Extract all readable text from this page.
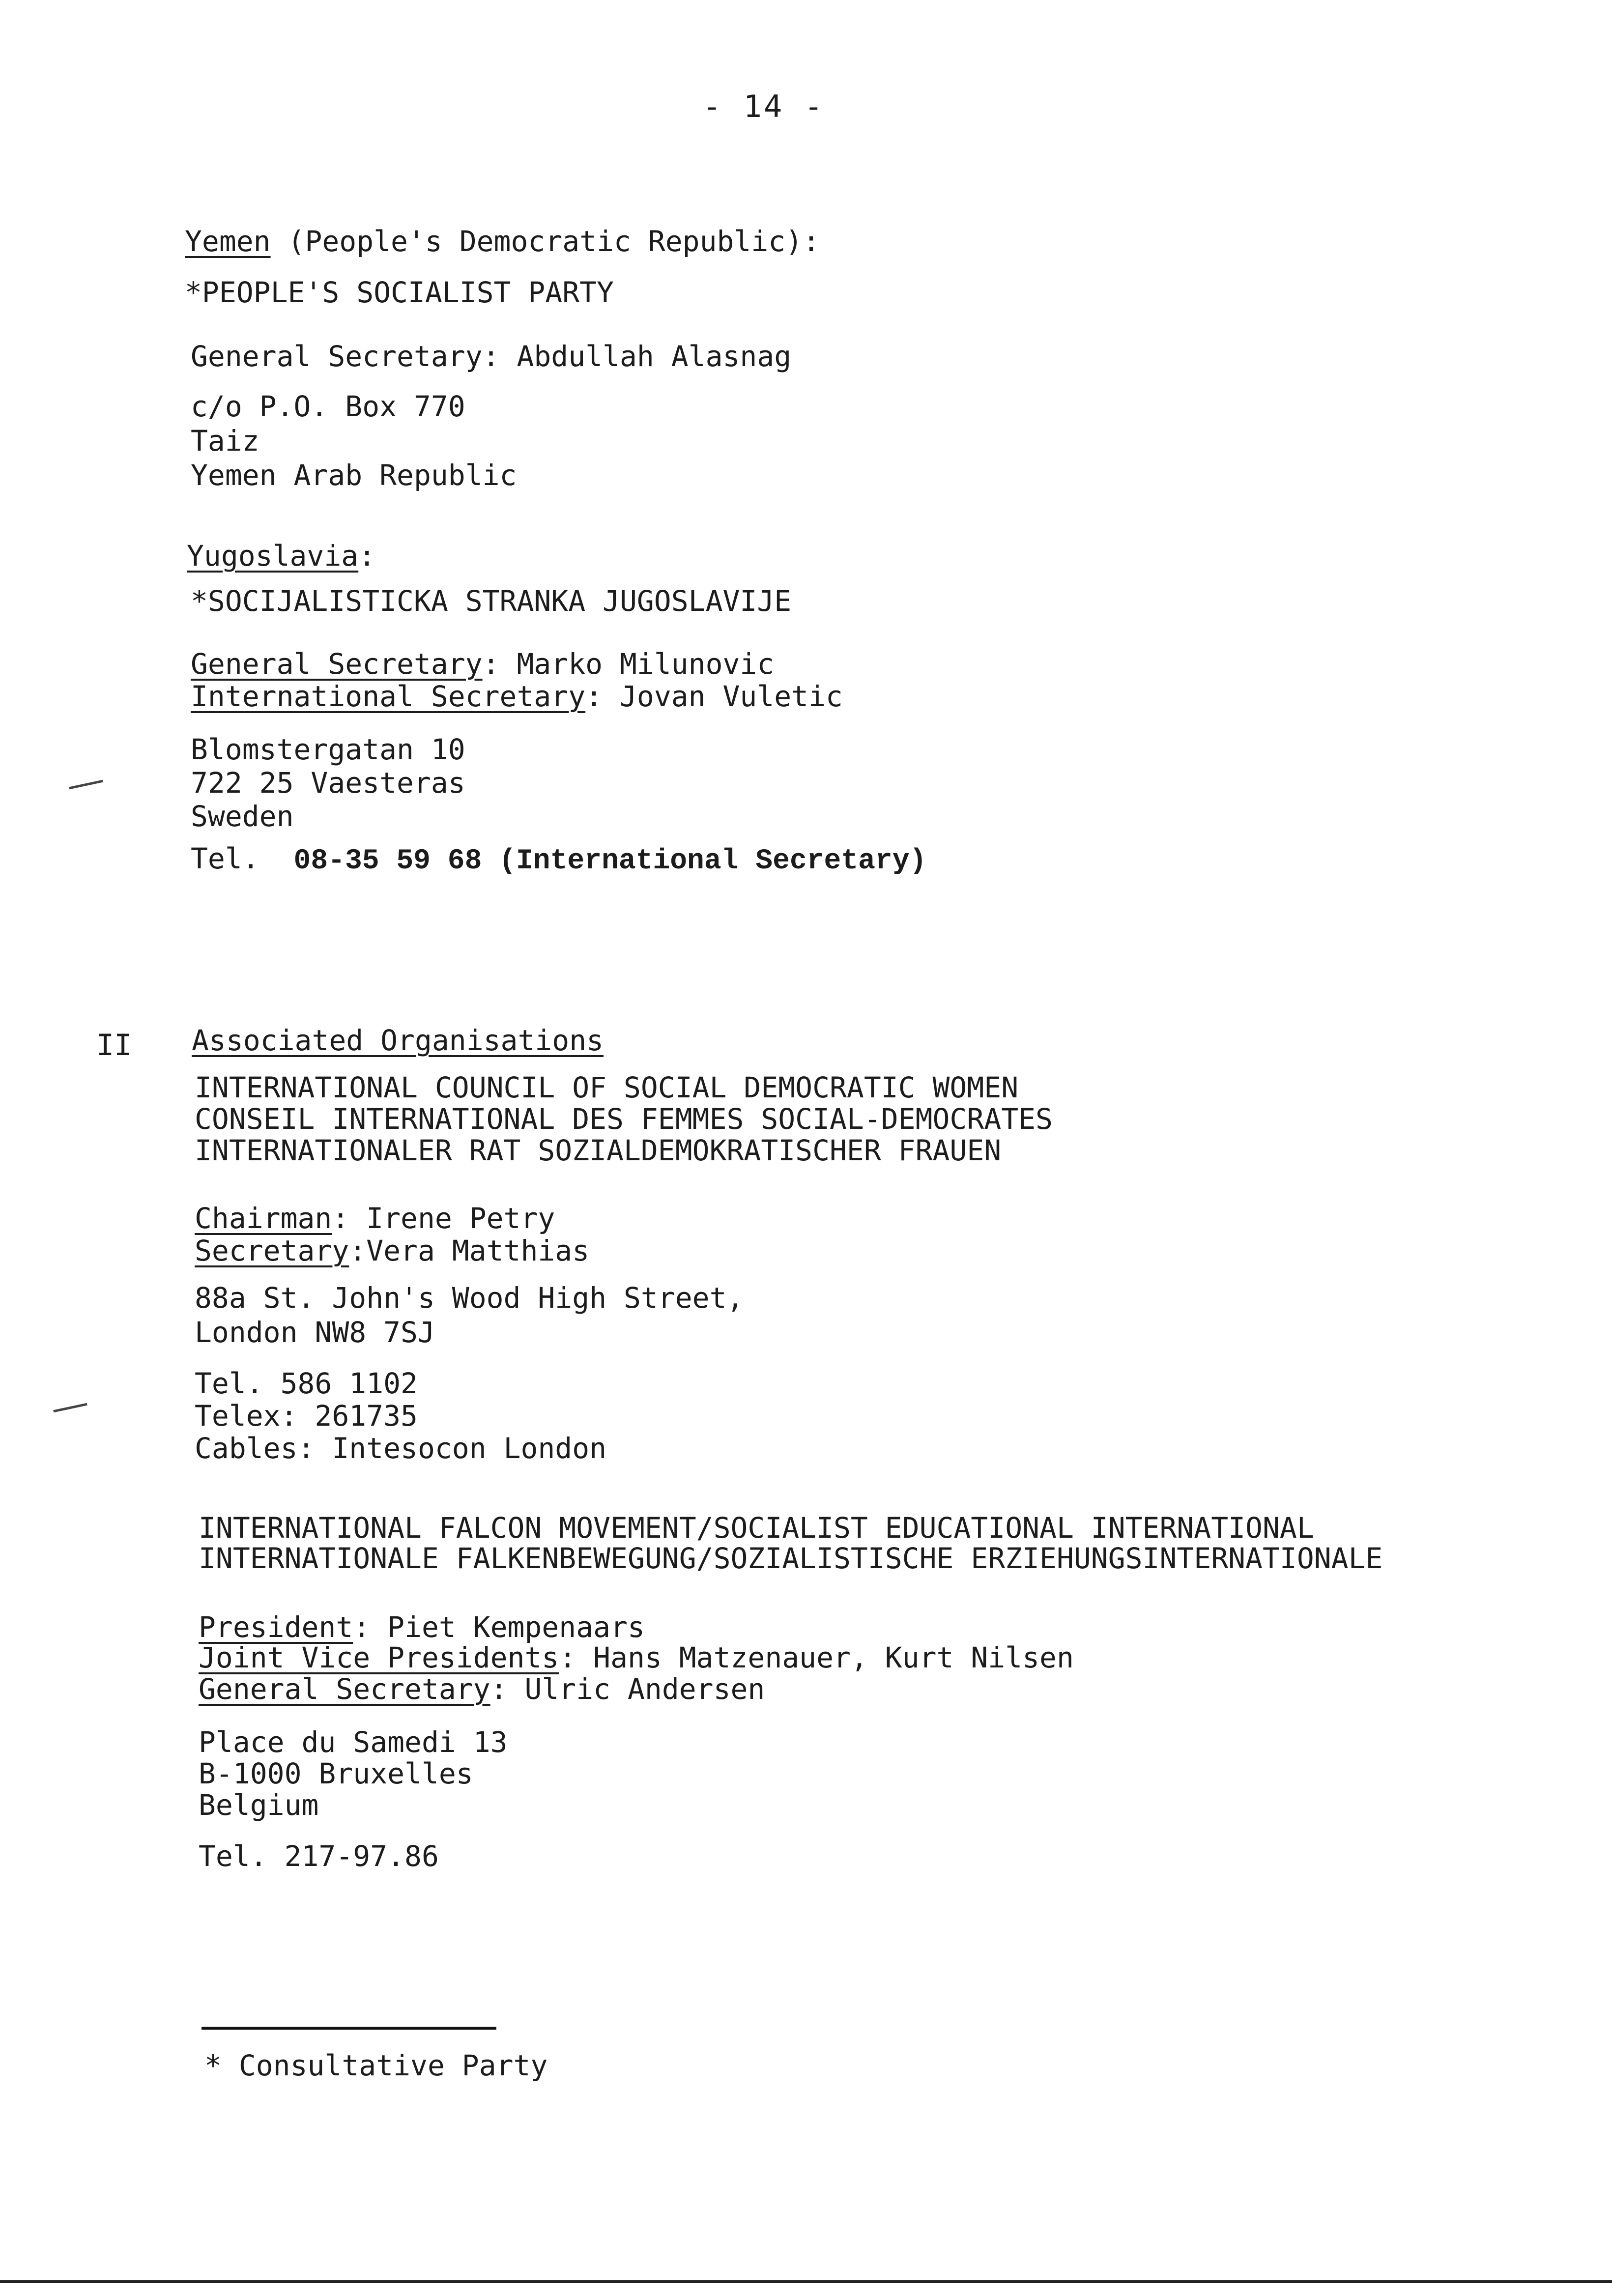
- 14 -
Yemen (People's Democratic Republic):
*PEOPLE'S SOCIALIST PARTY
General Secretary: Abdullah Alasnag
c/o P.O. Box 770
Taiz
Yemen Arab Republic
Yugoslavia:
*SOCIJALISTICKA STRANKA JUGOSLAVIJE
General Secretary: Marko Milunovic
International Secretary: Jovan Vuletic
Blomstergatan 10
722 25 Vaesteras
Sweden
Tel. 08-35 59 68 (International Secretary)
II Associated Organisations
INTERNATIONAL COUNCIL OF SOCIAL DEMOCRATIC WOMEN
CONSEIL INTERNATIONAL DES FEMMES SOCIAL-DEMOCRATES
INTERNATIONALER RAT SOZIALDEMOKRATISCHER FRAUEN
Chairman: Irene Petry
Secretary:Vera Matthias
88a St. John's Wood High Street,
London NW8 7SJ
Tel. 586 1102
Telex: 261735
Cables: Intesocon London
INTERNATIONAL FALCON MOVEMENT/SOCIALIST EDUCATIONAL INTERNATIONAL
INTERNATIONALE FALKENBEWEGUNG/SOZIALISTISCHE ERZIEHUNGSINTERNATIONALE
President: Piet Kempenaars
Joint Vice Presidents: Hans Matzenauer, Kurt Nilsen
General Secretary: Ulric Andersen
Place du Samedi 13
B-1000 Bruxelles
Belgium
Tel. 217-97.86
* Consultative Party
